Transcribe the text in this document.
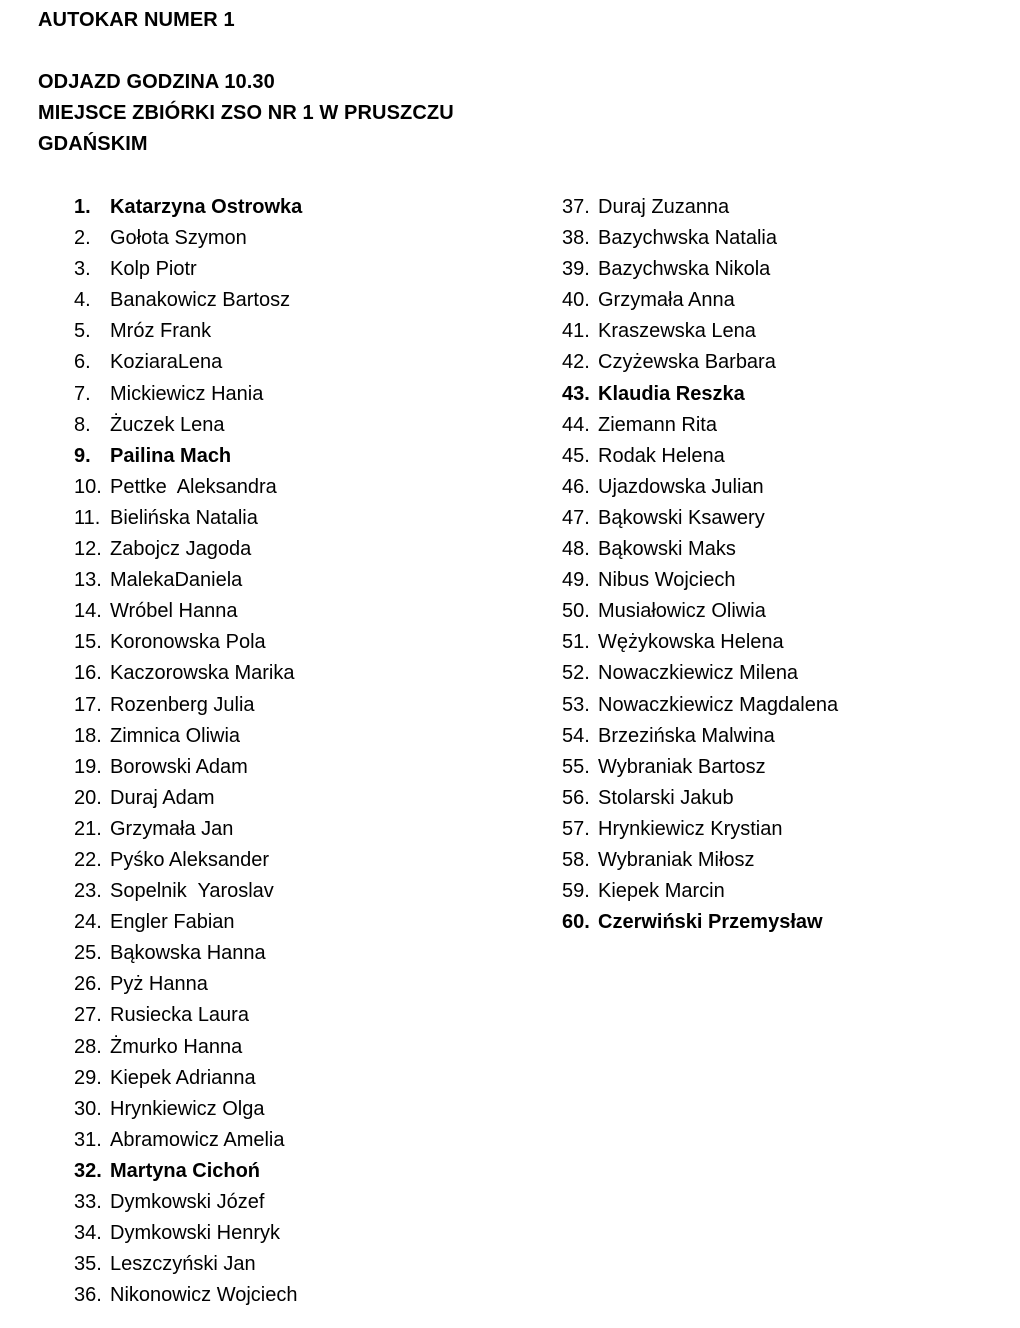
AUTOKAR NUMER 1
ODJAZD GODZINA 10.30
MIEJSCE ZBIÓRKI ZSO NR 1 W PRUSZCZU
GDAŃSKIM
1. Katarzyna Ostrowka
2. Gołota Szymon
3. Kolp Piotr
4. Banakowicz Bartosz
5. Mróz Frank
6. KoziaraLena
7. Mickiewicz Hania
8. Żuczek Lena
9. Pailina Mach
10. Pettke  Aleksandra
11. Bielińska Natalia
12. Zabojcz Jagoda
13. MalekaDaniela
14. Wróbel Hanna
15. Koronowska Pola
16. Kaczorowska Marika
17. Rozenberg Julia
18. Zimnica Oliwia
19. Borowski Adam
20. Duraj Adam
21. Grzymała Jan
22. Pyśko Aleksander
23. Sopelnik  Yaroslav
24. Engler Fabian
25. Bąkowska Hanna
26. Pyż Hanna
27. Rusiecka Laura
28. Żmurko Hanna
29. Kiepek Adrianna
30. Hrynkiewicz Olga
31. Abramowicz Amelia
32. Martyna Cichoń
33. Dymkowski Józef
34. Dymkowski Henryk
35. Leszczyński Jan
36. Nikonowicz Wojciech
37. Duraj Zuzanna
38. Bazychwska Natalia
39. Bazychwska Nikola
40. Grzymała Anna
41. Kraszewska Lena
42. Czyżewska Barbara
43. Klaudia Reszka
44. Ziemann Rita
45. Rodak Helena
46. Ujazdowska Julian
47. Bąkowski Ksawery
48. Bąkowski Maks
49. Nibus Wojciech
50. Musiałowicz Oliwia
51. Wężykowska Helena
52. Nowaczkiewicz Milena
53. Nowaczkiewicz Magdalena
54. Brzezińska Malwina
55. Wybraniak Bartosz
56. Stolarski Jakub
57. Hrynkiewicz Krystian
58. Wybraniak Miłosz
59. Kiepek Marcin
60. Czerwiński Przemysław
